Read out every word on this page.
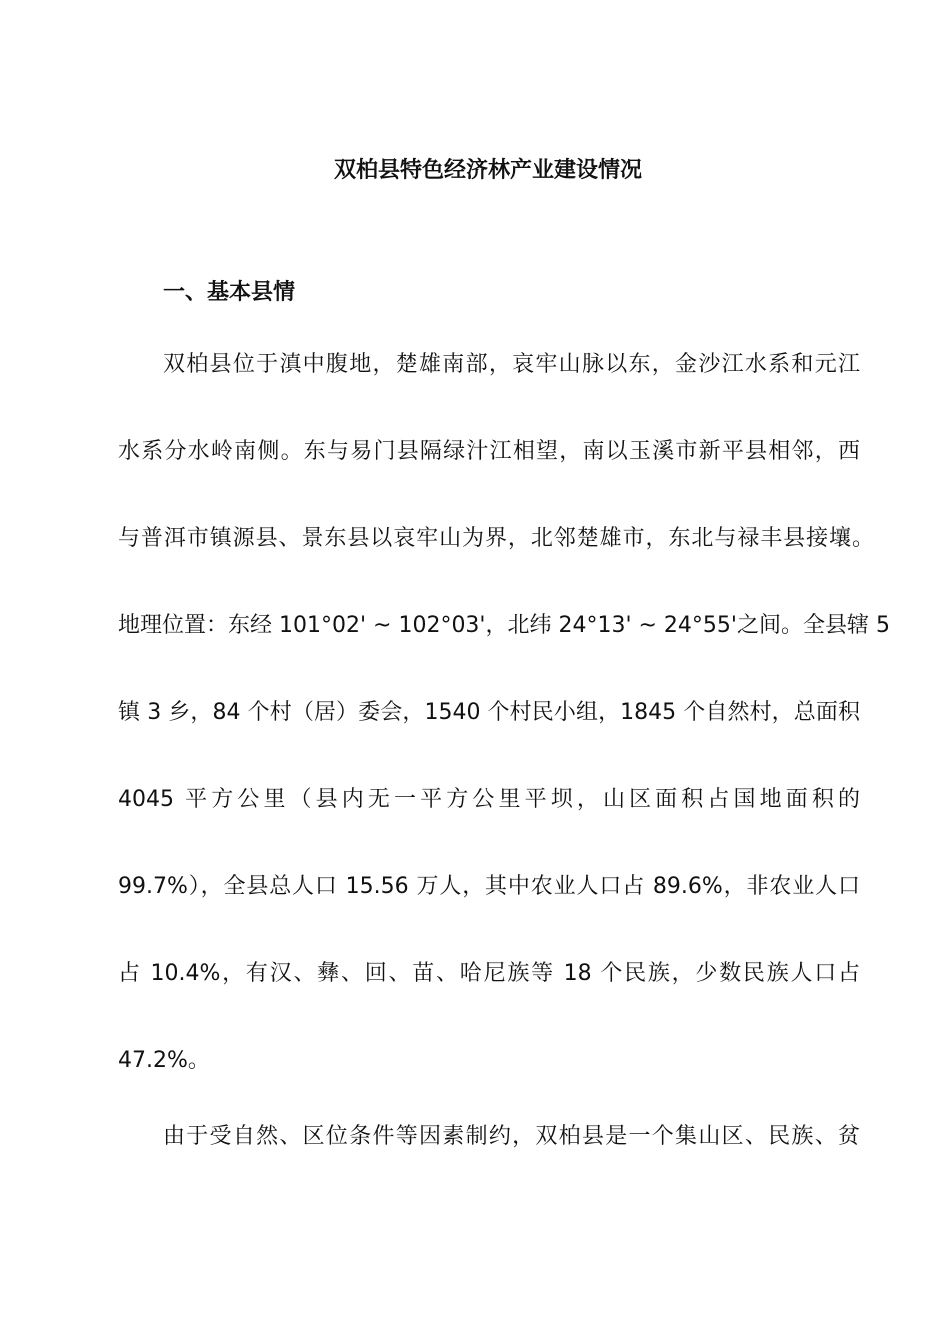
双柏县特色经济林产业建设情况
一、基本县情
双柏县位于滇中腹地，楚雄南部，哀牢山脉以东，金沙江水系和元江
水系分水岭南侧。东与易门县隔绿汁江相望，南以玉溪市新平县相邻，西
与普洱市镇源县、景东县以哀牢山为界，北邻楚雄市，东北与禄丰县接壤。
地理位置：东经 101°02' ~ 102°03'，北纬 24°13' ~ 24°55'之间。全县辖 5
镇 3 乡，84 个村（居）委会，1540 个村民小组，1845 个自然村，总面积
4045 平方公里（县内无一平方公里平坝，山区面积占国地面积的
99.7%），全县总人口 15.56 万人，其中农业人口占 89.6%，非农业人口
占 10.4%，有汉、彝、回、苗、哈尼族等 18 个民族，少数民族人口占
47.2%。
由于受自然、区位条件等因素制约，双柏县是一个集山区、民族、贫
